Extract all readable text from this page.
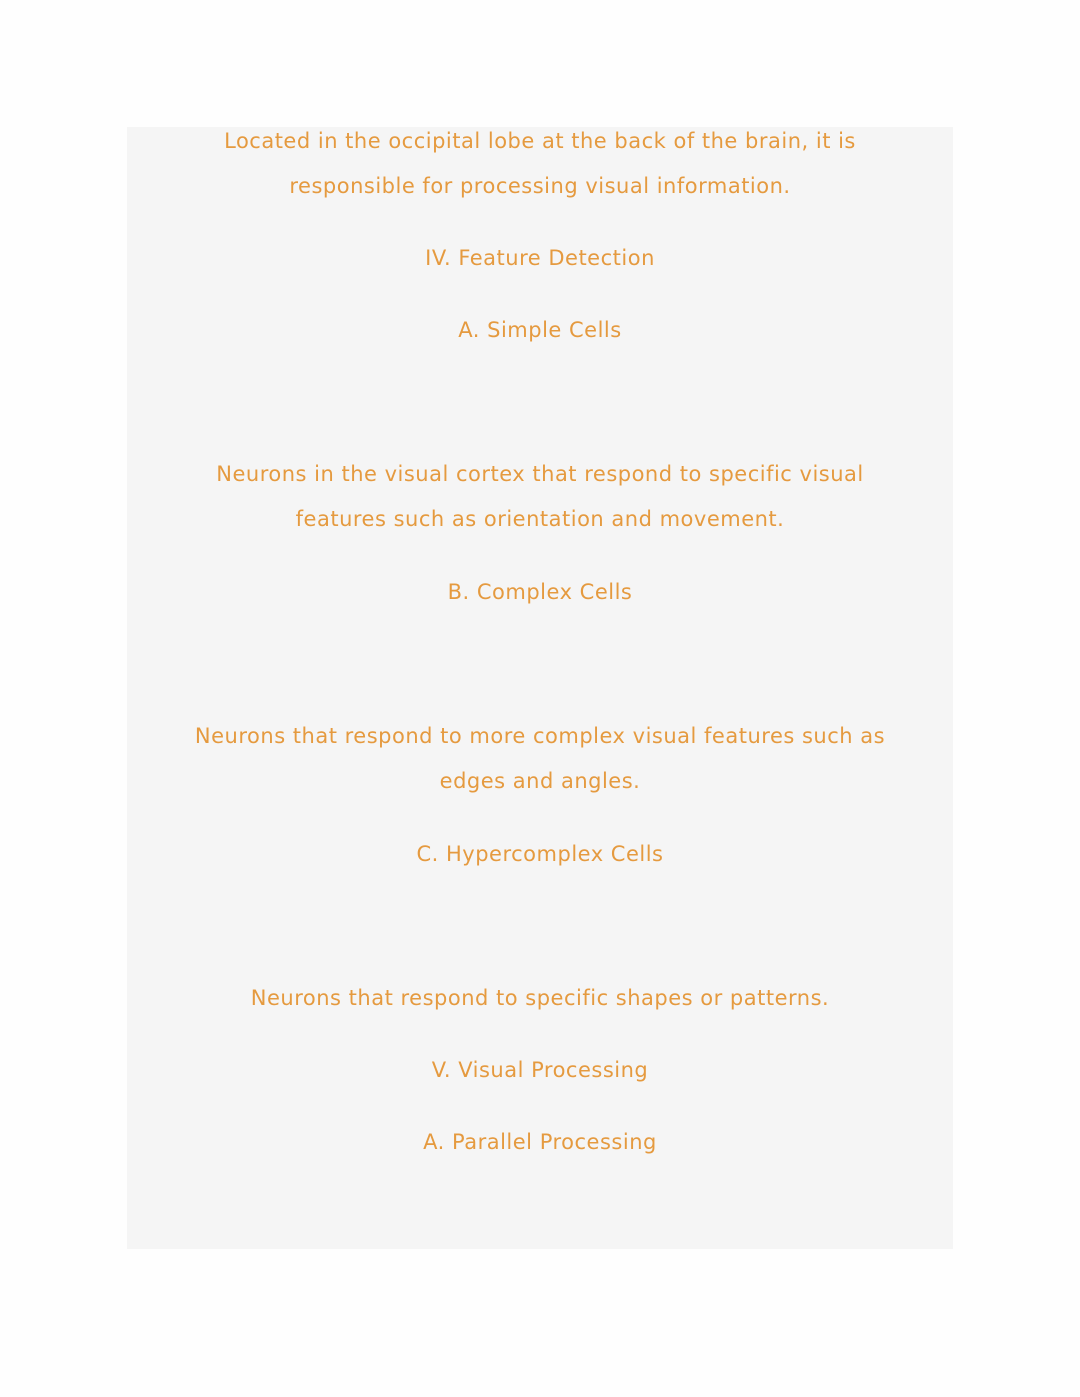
Located in the occipital lobe at the back of the brain, it is
responsible for processing visual information.
IV. Feature Detection
A. Simple Cells
Neurons in the visual cortex that respond to specific visual
features such as orientation and movement.
B. Complex Cells
Neurons that respond to more complex visual features such as
edges and angles.
C. Hypercomplex Cells
Neurons that respond to specific shapes or patterns.
V. Visual Processing
A. Parallel Processing
